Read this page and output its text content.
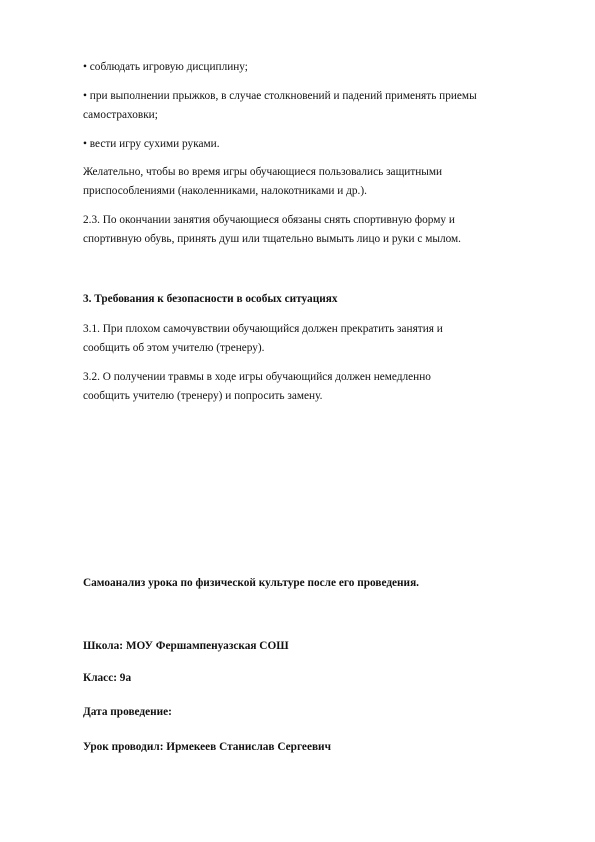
• соблюдать игровую дисциплину;

• при выполнении прыжков, в случае столкновений и падений применять приемы
самостраховки;

• вести игру сухими руками.

Желательно, чтобы во время игры обучающиеся пользовались защитными
приспособлениями (наколенниками, налокотниками и др.).

2.3. По окончании занятия обучающиеся обязаны снять спортивную форму и
спортивную обувь, принять душ или тщательно вымыть лицо и руки с мылом.

3. Требования к безопасности в особых ситуациях

3.1. При плохом самочувствии обучающийся должен прекратить занятия и
сообщить об этом учителю (тренеру).

3.2. О получении травмы в ходе игры обучающийся должен немедленно
сообщить учителю (тренеру) и попросить замену.

Самоанализ урока по физической культуре после его проведения.

Школа: МОУ Фершампенуазская СОШ

Класс: 9а

Дата проведение:

Урок проводил: Ирмекеев Станислав Сергеевич
